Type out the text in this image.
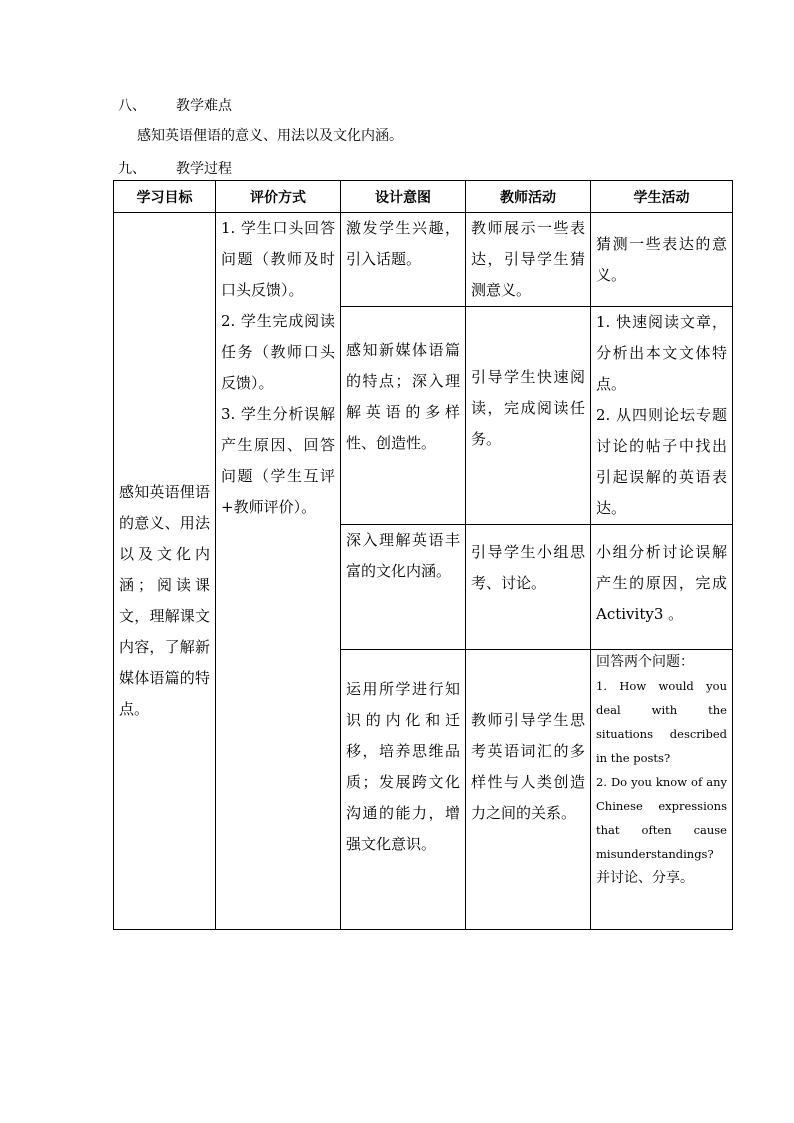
八、 教学难点
感知英语俚语的意义、用法以及文化内涵。
九、 教学过程
学习目标	评价方式	设计意图	教师活动	学生活动

感知英语俚语的意义、用法以及文化内涵；阅读课文，理解课文内容，了解新媒体语篇的特点。	1. 学生口头回答问题（教师及时口头反馈）。

2. 学生完成阅读任务（教师口头反馈）。

3. 学生分析误解产生原因、回答问题（学生互评+教师评价）。	激发学生兴趣，引入话题。	教师展示一些表达，引导学生猜测意义。	猜测一些表达的意义。
		感知新媒体语篇的特点；深入理解英语的多样性、创造性。	引导学生快速阅读，完成阅读任务。	1. 快速阅读文章，分析出本文文体特点。

2. 从四则论坛专题讨论的帖子中找出引起误解的英语表达。

		深入理解英语丰富的文化内涵。	引导学生小组思考、讨论。	小组分析讨论误解产生的原因，完成 Activity3 。
		运用所学进行知识的内化和迁移，培养思维品质；发展跨文化沟通的能力，增强文化意识。	教师引导学生思考英语词汇的多样性与人类创造力之间的关系。	回答两个问题：
1. How would you deal with the situations described in the posts?
2. Do you know of any Chinese expressions that often cause misunderstandings?
并讨论、分享。
